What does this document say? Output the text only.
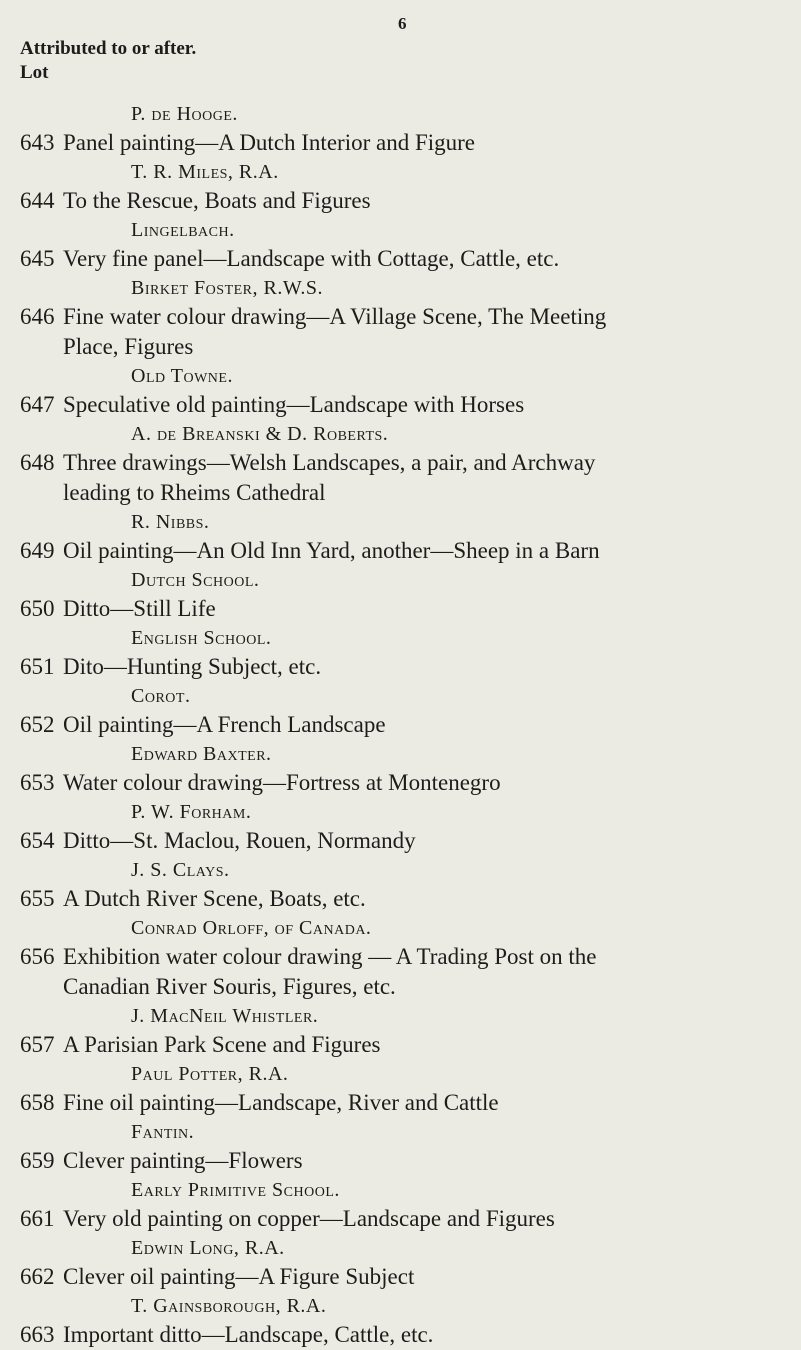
6
Attributed to or after.
Lot
P. de Hooge.
643 Panel painting—A Dutch Interior and Figure
T. R. Miles, R.A.
644 To the Rescue, Boats and Figures
Lingelbach.
645 Very fine panel—Landscape with Cottage, Cattle, etc.
Birket Foster, R.W.S.
646 Fine water colour drawing—A Village Scene, The Meeting
Place, Figures
Old Towne.
647 Speculative old painting—Landscape with Horses
A. de Breanski & D. Roberts.
648 Three drawings—Welsh Landscapes, a pair, and Archway
leading to Rheims Cathedral
R. Nibbs.
649 Oil painting—An Old Inn Yard, another—Sheep in a Barn
Dutch School.
650 Ditto—Still Life
English School.
651 Dito—Hunting Subject, etc.
Corot.
652 Oil painting—A French Landscape
Edward Baxter.
653 Water colour drawing—Fortress at Montenegro
P. W. Forham.
654 Ditto—St. Maclou, Rouen, Normandy
J. S. Clays.
655 A Dutch River Scene, Boats, etc.
Conrad Orloff, of Canada.
656 Exhibition water colour drawing — A Trading Post on the
Canadian River Souris, Figures, etc.
J. MacNeil Whistler.
657 A Parisian Park Scene and Figures
Paul Potter, R.A.
658 Fine oil painting—Landscape, River and Cattle
Fantin.
659 Clever painting—Flowers
Early Primitive School.
661 Very old painting on copper—Landscape and Figures
Edwin Long, R.A.
662 Clever oil painting—A Figure Subject
T. Gainsborough, R.A.
663 Important ditto—Landscape, Cattle, etc.
